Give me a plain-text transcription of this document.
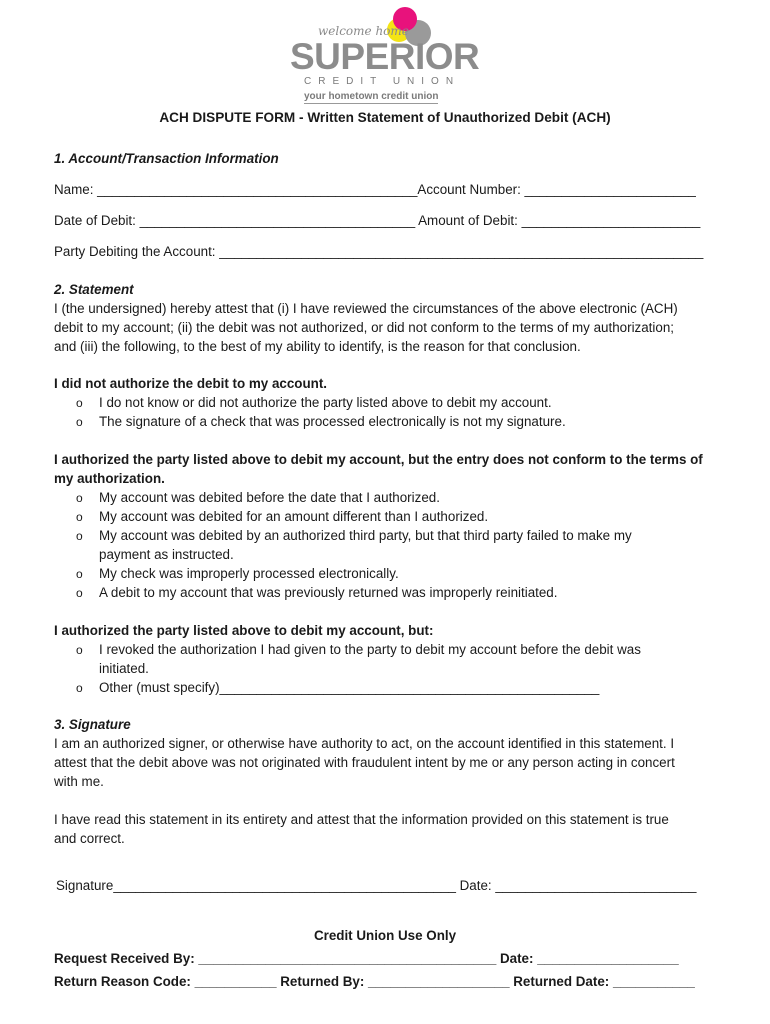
welcome home
SUPERIOR
CREDIT UNION
your hometown credit union
ACH DISPUTE FORM - Written Statement of Unauthorized Debit (ACH)
1. Account/Transaction Information
Name: ___________________________________________Account Number: _______________________
Date of Debit: _____________________________________ Amount of Debit: ________________________
Party Debiting the Account: _________________________________________________________________
2. Statement
I (the undersigned) hereby attest that (i) I have reviewed the circumstances of the above electronic (ACH)
debit to my account; (ii) the debit was not authorized, or did not conform to the terms of my authorization;
and (iii) the following, to the best of my ability to identify, is the reason for that conclusion.
I did not authorize the debit to my account.
o I do not know or did not authorize the party listed above to debit my account.
o The signature of a check that was processed electronically is not my signature.
I authorized the party listed above to debit my account, but the entry does not conform to the terms of
my authorization.
o My account was debited before the date that I authorized.
o My account was debited for an amount different than I authorized.
o My account was debited by an authorized third party, but that third party failed to make my
payment as instructed.
o My check was improperly processed electronically.
o A debit to my account that was previously returned was improperly reinitiated.
I authorized the party listed above to debit my account, but:
o I revoked the authorization I had given to the party to debit my account before the debit was
initiated.
o Other (must specify)___________________________________________________
3. Signature
I am an authorized signer, or otherwise have authority to act, on the account identified in this statement. I
attest that the debit above was not originated with fraudulent intent by me or any person acting in concert
with me.
I have read this statement in its entirety and attest that the information provided on this statement is true
and correct.
Signature______________________________________________ Date: ___________________________
Credit Union Use Only
Request Received By: ________________________________________ Date: ___________________
Return Reason Code: ___________ Returned By: ___________________ Returned Date: ___________
